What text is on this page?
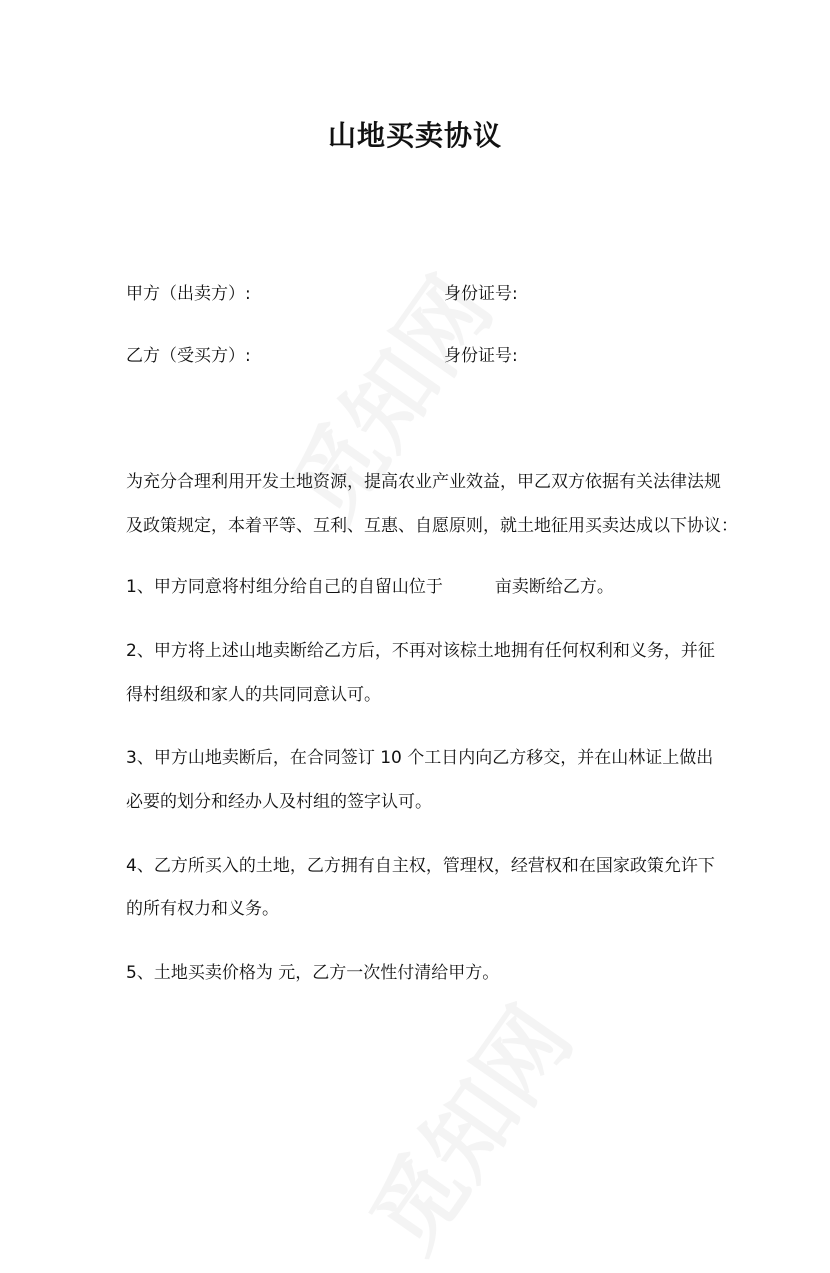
山地买卖协议
甲方（出卖方）:	身份证号:
乙方（受买方）:	身份证号:
为充分合理利用开发土地资源，提高农业产业效益，甲乙双方依据有关法律法规
及政策规定，本着平等、互利、互惠、自愿原则，就土地征用买卖达成以下协议：
1、甲方同意将村组分给自己的自留山位于	亩卖断给乙方。
2、甲方将上述山地卖断给乙方后，不再对该棕土地拥有任何权利和义务，并征
得村组级和家人的共同同意认可。
3、甲方山地卖断后，在合同签订 10 个工日内向乙方移交，并在山林证上做出
必要的划分和经办人及村组的签字认可。
4、乙方所买入的土地，乙方拥有自主权，管理权，经营权和在国家政策允许下
的所有权力和义务。
5、土地买卖价格为 元，乙方一次性付清给甲方。
